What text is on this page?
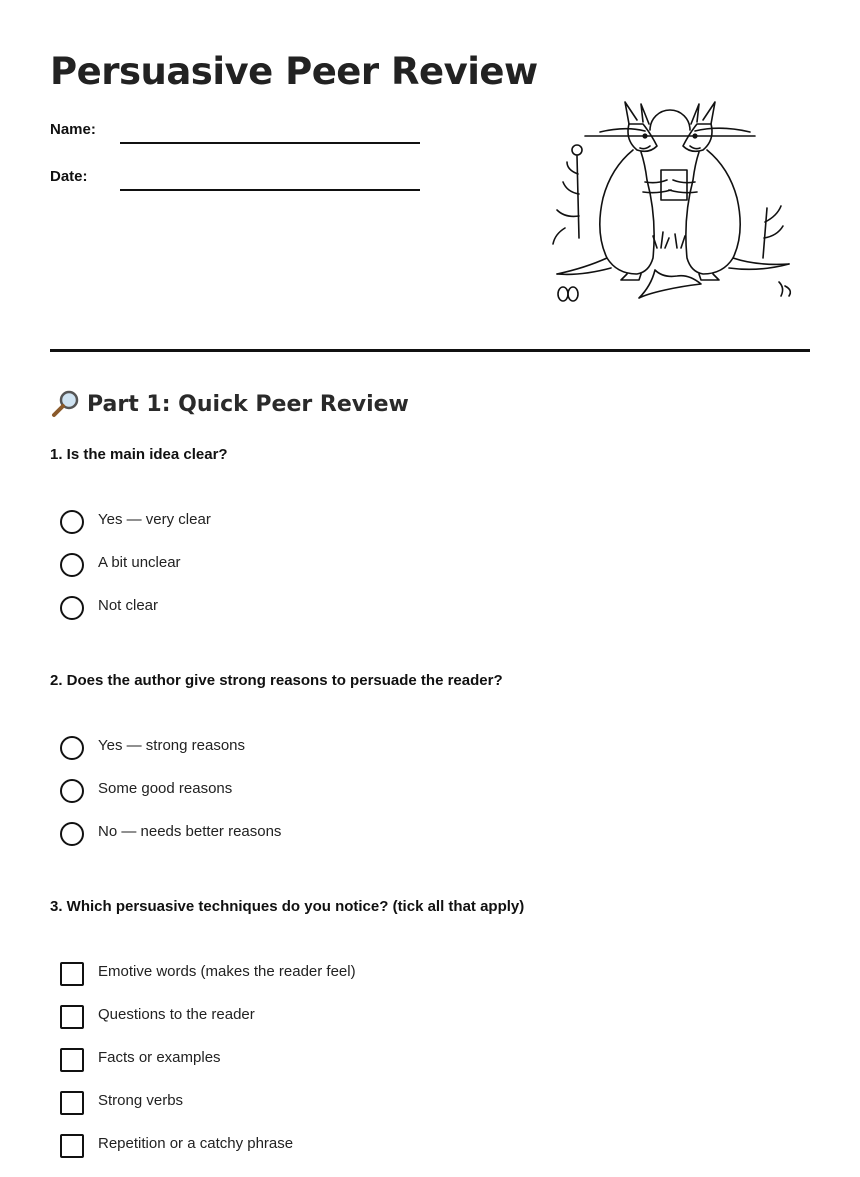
Persuasive Peer Review
Name:
Date:
Part 1: Quick Peer Review

1. Is the main idea clear?

Yes — very clear
A bit unclear
Not clear

2. Does the author give strong reasons to persuade the reader?

Yes — strong reasons
Some good reasons
No — needs better reasons

3. Which persuasive techniques do you notice? (tick all that apply)

Emotive words (makes the reader feel)
Questions to the reader
Facts or examples
Strong verbs
Repetition or a catchy phrase
